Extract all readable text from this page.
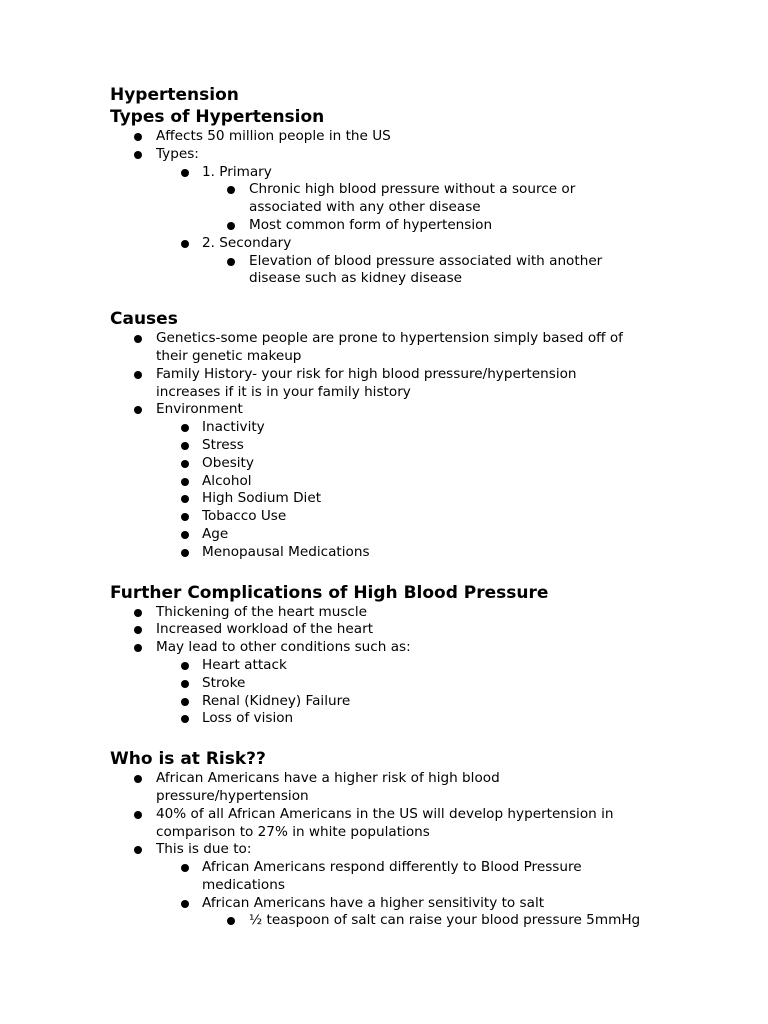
Hypertension
Types of Hypertension
Affects 50 million people in the US
Types:
1. Primary
Chronic high blood pressure without a source or
associated with any other disease
Most common form of hypertension
2. Secondary
Elevation of blood pressure associated with another
disease such as kidney disease
Causes
Genetics-some people are prone to hypertension simply based off of
their genetic makeup
Family History- your risk for high blood pressure/hypertension
increases if it is in your family history
Environment
Inactivity
Stress
Obesity
Alcohol
High Sodium Diet
Tobacco Use
Age
Menopausal Medications
Further Complications of High Blood Pressure
Thickening of the heart muscle
Increased workload of the heart
May lead to other conditions such as:
Heart attack
Stroke
Renal (Kidney) Failure
Loss of vision
Who is at Risk??
African Americans have a higher risk of high blood
pressure/hypertension
40% of all African Americans in the US will develop hypertension in
comparison to 27% in white populations
This is due to:
African Americans respond differently to Blood Pressure
medications
African Americans have a higher sensitivity to salt
½ teaspoon of salt can raise your blood pressure 5mmHg
